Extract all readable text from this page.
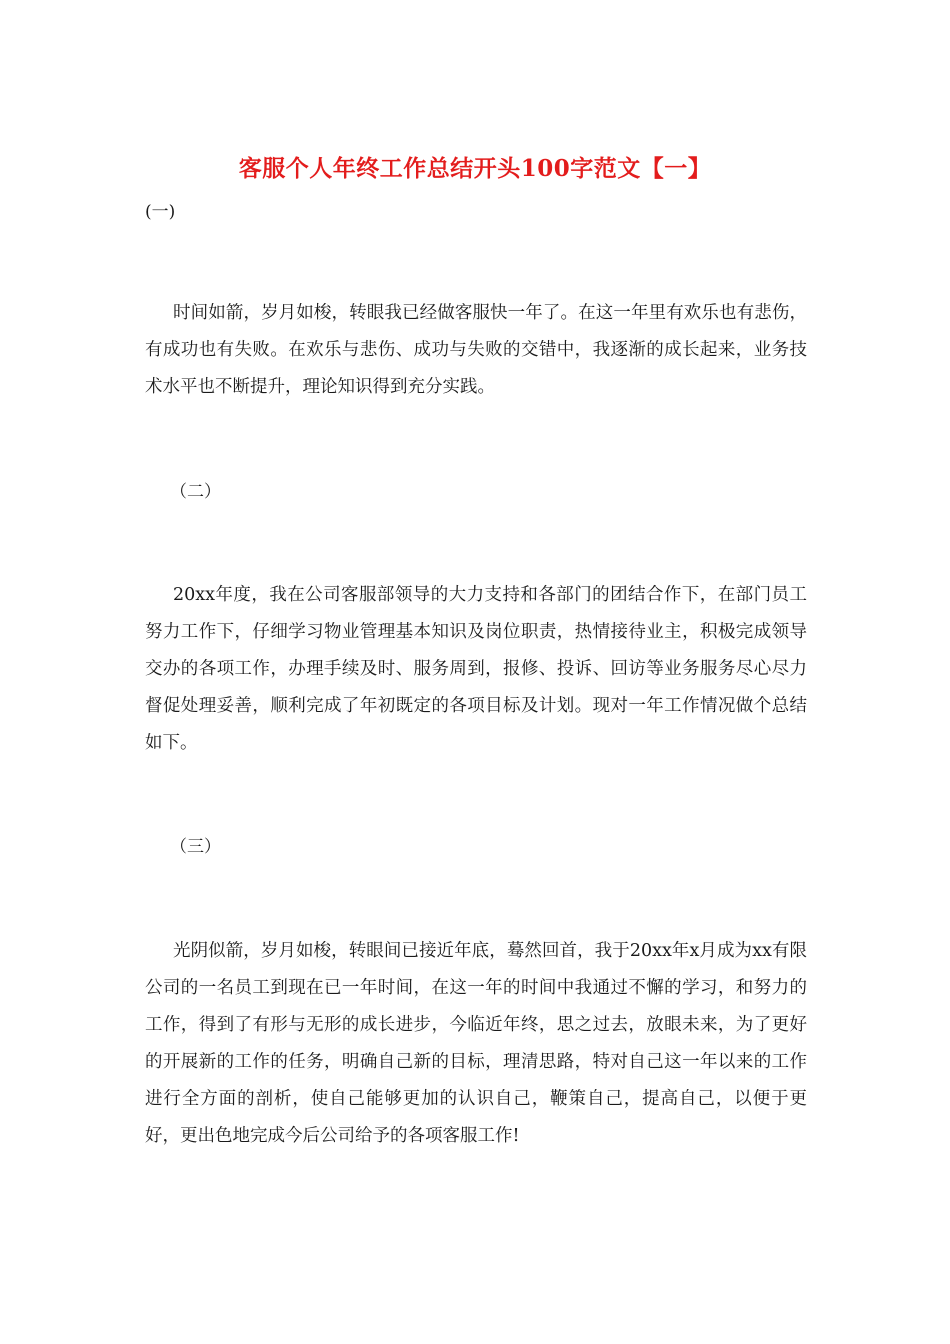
客服个人年终工作总结开头100字范文【一】
(一)
时间如箭，岁月如梭，转眼我已经做客服快一年了。在这一年里有欢乐也有悲伤，有成功也有失败。在欢乐与悲伤、成功与失败的交错中，我逐渐的成长起来，业务技术水平也不断提升，理论知识得到充分实践。
（二）
20xx年度，我在公司客服部领导的大力支持和各部门的团结合作下，在部门员工努力工作下，仔细学习物业管理基本知识及岗位职责，热情接待业主，积极完成领导交办的各项工作，办理手续及时、服务周到，报修、投诉、回访等业务服务尽心尽力督促处理妥善，顺利完成了年初既定的各项目标及计划。现对一年工作情况做个总结如下。
（三）
光阴似箭，岁月如梭，转眼间已接近年底，蓦然回首，我于20xx年x月成为xx有限公司的一名员工到现在已一年时间，在这一年的时间中我通过不懈的学习，和努力的工作，得到了有形与无形的成长进步，今临近年终，思之过去，放眼未来，为了更好的开展新的工作的任务，明确自己新的目标，理清思路，特对自己这一年以来的工作进行全方面的剖析，使自己能够更加的认识自己，鞭策自己，提高自己，以便于更好，更出色地完成今后公司给予的各项客服工作!
